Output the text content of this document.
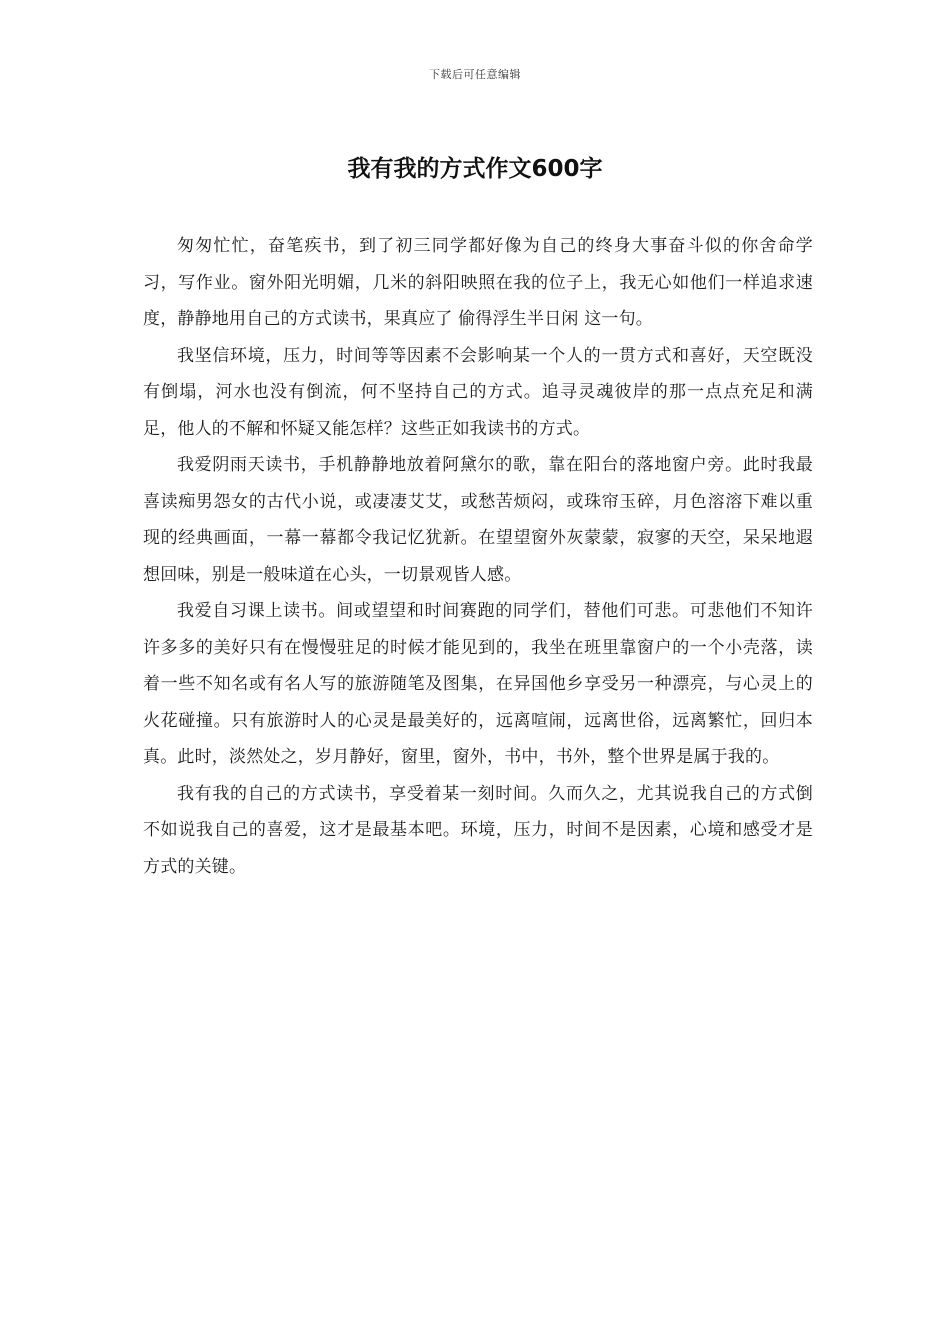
下载后可任意编辑
我有我的方式作文600字

匆匆忙忙，奋笔疾书，到了初三同学都好像为自己的终身大事奋斗似的你舍命学习，写作业。窗外阳光明媚，几米的斜阳映照在我的位子上，我无心如他们一样追求速度，静静地用自己的方式读书，果真应了 偷得浮生半日闲 这一句。

我坚信环境，压力，时间等等因素不会影响某一个人的一贯方式和喜好，天空既没有倒塌，河水也没有倒流，何不坚持自己的方式。追寻灵魂彼岸的那一点点充足和满足，他人的不解和怀疑又能怎样？这些正如我读书的方式。

我爱阴雨天读书，手机静静地放着阿黛尔的歌，靠在阳台的落地窗户旁。此时我最喜读痴男怨女的古代小说，或凄凄艾艾，或愁苦烦闷，或珠帘玉碎，月色溶溶下难以重现的经典画面，一幕一幕都令我记忆犹新。在望望窗外灰蒙蒙，寂寥的天空，呆呆地遐想回味，别是一般味道在心头，一切景观皆人感。

我爱自习课上读书。间或望望和时间赛跑的同学们，替他们可悲。可悲他们不知许许多多的美好只有在慢慢驻足的时候才能见到的，我坐在班里靠窗户的一个小壳落，读着一些不知名或有名人写的旅游随笔及图集，在异国他乡享受另一种漂亮，与心灵上的火花碰撞。只有旅游时人的心灵是最美好的，远离喧闹，远离世俗，远离繁忙，回归本真。此时，淡然处之，岁月静好，窗里，窗外，书中，书外，整个世界是属于我的。

我有我的自己的方式读书，享受着某一刻时间。久而久之，尤其说我自己的方式倒不如说我自己的喜爱，这才是最基本吧。环境，压力，时间不是因素，心境和感受才是方式的关键。
